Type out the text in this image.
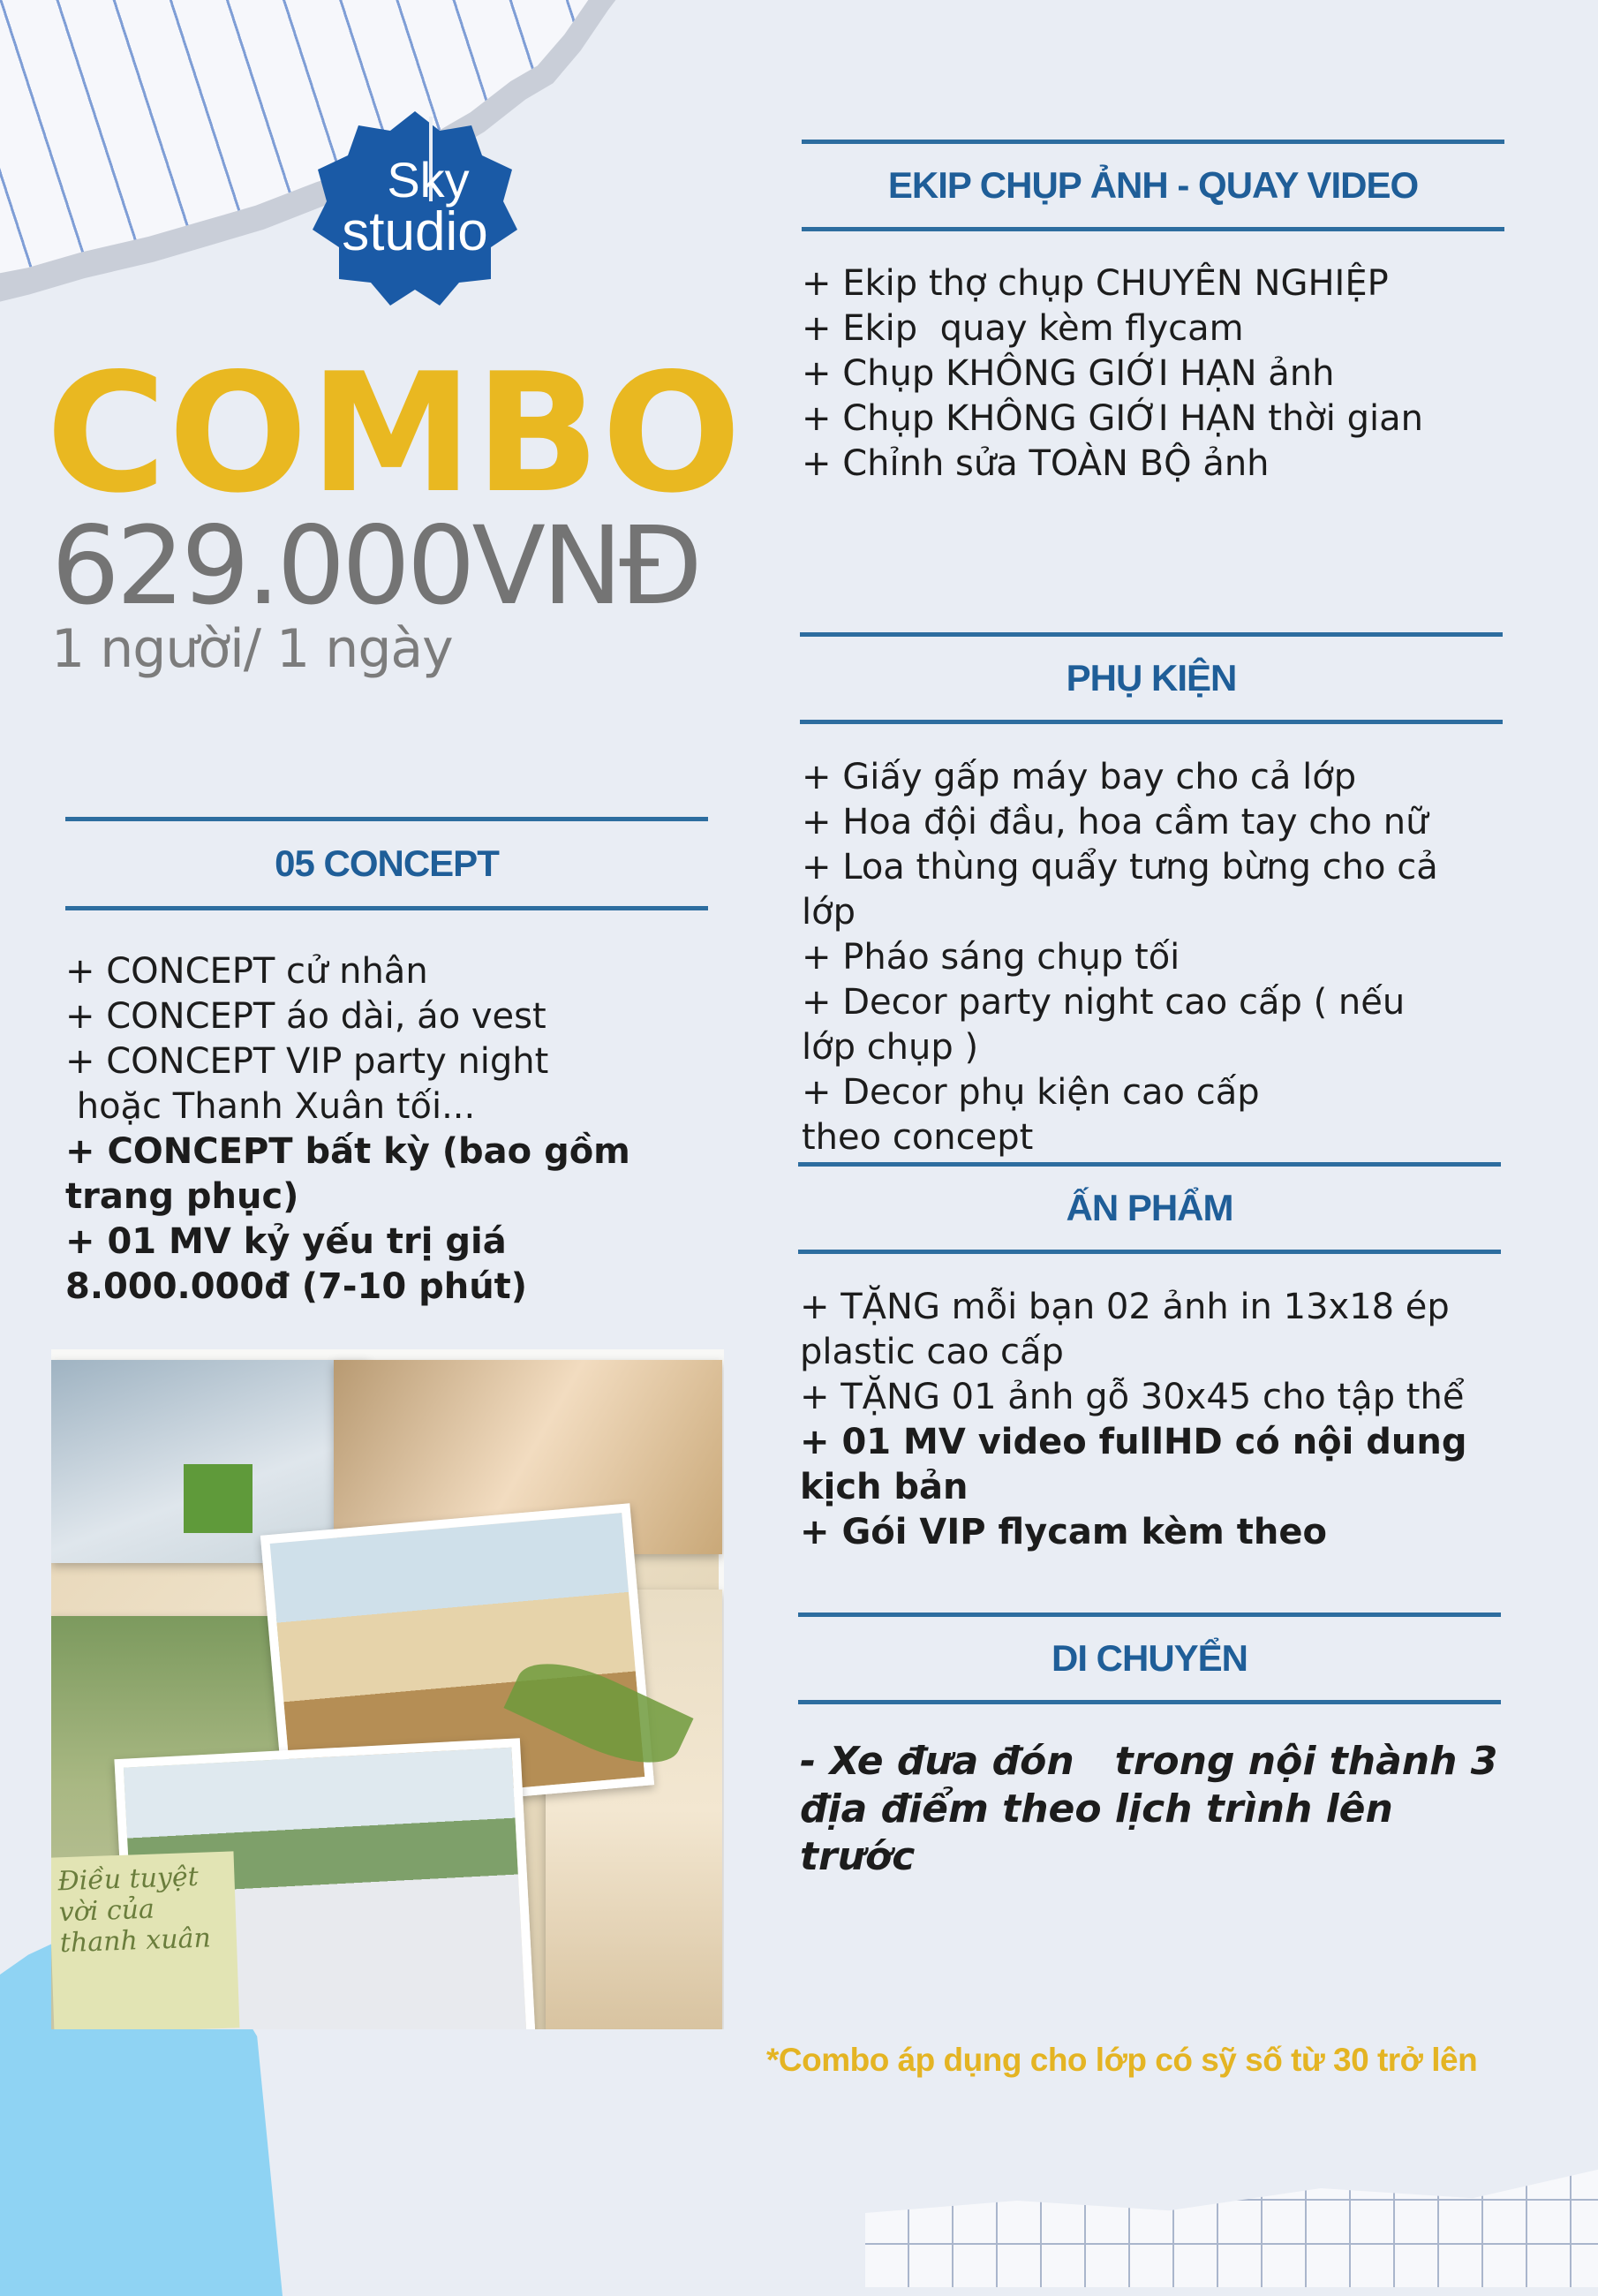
Sky
studio
COMBO
629.000VNĐ
1 người/ 1 ngày
05 CONCEPT
+ CONCEPT cử nhân
+ CONCEPT áo dài, áo vest
+ CONCEPT VIP party night
hoặc Thanh Xuân tối...
+ CONCEPT bất kỳ (bao gồm
trang phục)
+ 01 MV kỷ yếu trị giá
8.000.000đ (7-10 phút)
Điều tuyệt vời của thanh xuân
EKIP CHỤP ẢNH - QUAY VIDEO
+ Ekip thợ chụp CHUYÊN NGHIỆP
+ Ekip  quay kèm flycam
+ Chụp KHÔNG GIỚI HẠN ảnh
+ Chụp KHÔNG GIỚI HẠN thời gian
+ Chỉnh sửa TOÀN BỘ ảnh
PHỤ KIỆN
+ Giấy gấp máy bay cho cả lớp
+ Hoa đội đầu, hoa cầm tay cho nữ
+ Loa thùng quẩy tưng bừng cho cả
lớp
+ Pháo sáng chụp tối
+ Decor party night cao cấp ( nếu
lớp chụp )
+ Decor phụ kiện cao cấp
theo concept
ẤN PHẨM
+ TẶNG mỗi bạn 02 ảnh in 13x18 ép
plastic cao cấp
+ TẶNG 01 ảnh gỗ 30x45 cho tập thể
+ 01 MV video fullHD có nội dung
kịch bản
+ Gói VIP flycam kèm theo
DI CHUYỂN
- Xe đưa đón   trong nội thành 3
địa điểm theo lịch trình lên
trước
*Combo áp dụng cho lớp có sỹ số từ 30 trở lên
